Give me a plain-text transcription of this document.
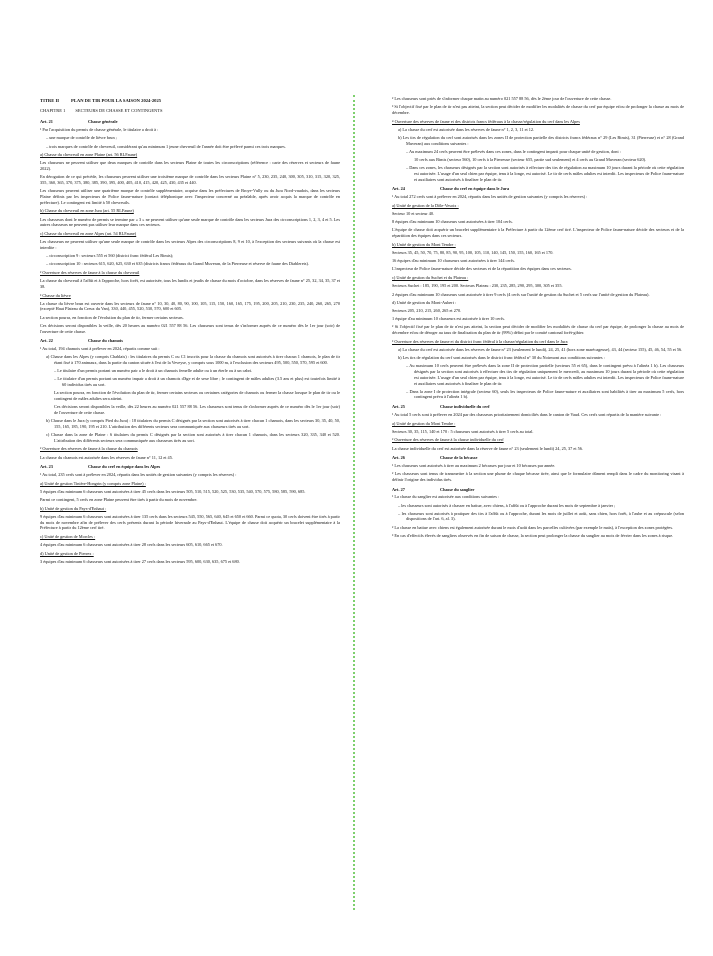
TITRE II	PLAN DE TIR POUR LA SAISON 2024-2025
CHAPITRE 1 SECTEURS DE CHASSE ET CONTINGENTS
Art. 21	Chasse générale

¹ Par l'acquisition du permis de chasse générale, le titulaire a droit à :

– une marque de contrôle de lièvre brun ;

– trois marques de contrôle de chevreuil, considérant qu'au minimum 1 jeune chevreuil de l'année doit être prélevé parmi ces trois marques.

a) Chasse du chevreuil en zone Plaine (art. 56 RLFaune)

Les chasseurs ne peuvent utiliser que deux marques de contrôle dans les secteurs Plaine de toutes les circonscriptions (référence : carte des réserves et secteurs de faune 2022).

En dérogation de ce qui précède, les chasseurs peuvent utiliser une troisième marque de contrôle dans les secteurs Plaine n° 5, 230, 235, 240, 300, 305, 310, 315, 320, 325, 355, 360, 365, 370, 375, 380, 385, 390, 395, 400, 405, 410, 415, 420, 425, 430, 435 et 440.

Les chasseurs peuvent utiliser une quatrième marque de contrôle supplémentaire, acquise dans les préfectures de Broye-Vully ou du Jura Nord-vaudois, dans les secteurs Plaine définis par les inspecteurs de Police faune-nature (contact téléphonique avec l'inspecteur concerné au préalable, après avoir acquis la marque de contrôle en préfecture). Le contingent est limité à 50 chevreuils.

b) Chasse du chevreuil en zone Jura (art. 55 RLFaune)

Les chasseurs dont le numéro de permis se termine par « 3 » ne peuvent utiliser qu'une seule marque de contrôle dans les secteurs Jura des circonscriptions 1, 2, 3, 4 et 5. Les autres chasseurs ne peuvent pas utiliser leur marque dans ces secteurs.

c) Chasse du chevreuil en zone Alpes (art. 54 RLFaune)

Les chasseurs ne peuvent utiliser qu'une seule marque de contrôle dans les secteurs Alpes des circonscriptions 8, 9 et 10, à l'exception des secteurs suivants où la chasse est interdite :

– circonscription 9 : secteurs 555 et 560 (district franc fédéral Les Bimis);

– circonscription 10 : secteurs 615, 620, 625, 630 et 635 (districts francs fédéraux du Grand Muveran, de la Pierreuse et réserve de faune des Diablerets).

² Ouverture des réserves de faune à la chasse du chevreuil

La chasse du chevreuil à l'affût et à l'approche, hors forêt, est autorisée, tous les lundis et jeudis de chasse du mois d'octobre, dans les réserves de faune n° 25, 32, 34, 35, 37 et 38.

³ Chasse du lièvre

La chasse du lièvre brun est ouverte dans les secteurs de faune n° 10, 30, 40, 80, 90, 100, 105, 115, 150, 160, 165, 175, 195, 200, 205, 210, 230, 235, 240, 260, 265, 270 (excepté Haut Plateau du Creux du Van), 330, 440, 455, 520, 530, 570, 600 et 605.

La section pourra, en fonction de l'évolution du plan de tir, fermer certains secteurs.

Ces décisions seront disponibles la veille, dès 20 heures au numéro 021 557 88 56. Les chasseurs sont tenus de s'informer auprès de ce numéro dès le 1er jour (soir) de l'ouverture de cette chasse.

Art. 22	Chasse du chamois

¹ Au total, 194 chamois sont à prélever en 2024, répartis comme suit :

a) Chasse dans les Alpes (y compris Chablais) : les titulaires du permis C ou C1 inscrits pour la chasse du chamois sont autorisés à tirer chacun 1 chamois, le plan de tir étant fixé à 170 animaux, dans la partie du canton située à l'est de la Veveyse, y compris sous 1000 m, à l'exclusion des secteurs 495, 500, 550, 570, 595 et 600.

– Le titulaire d'un permis portant un numéro pair a le droit à un chamois femelle adulte ou à un éterle ou à un cabri.

– Le titulaire d'un permis portant un numéro impair a droit à un chamois d'âge et de sexe libre ; le contingent de mâles adultes (3.5 ans et plus) est toutefois limité à 60 individus tirés au sort.

La section pourra, en fonction de l'évolution du plan de tir, fermer certains secteurs ou certaines catégories de chamois ou fermer la chasse lorsque le plan de tir ou le contingent de mâles adultes sera atteint.

Ces décisions seront disponibles la veille, dès 22 heures au numéro 021 557 88 56. Les chasseurs sont tenus de s'informer auprès de ce numéro dès le 1er jour (soir) de l'ouverture de cette chasse.

b) Chasse dans le Jura (y compris Pied du Jura) : 18 titulaires du permis C désignés par la section sont autorisés à tirer chacun 1 chamois, dans les secteurs 30, 35, 40, 50, 155, 165, 185, 190, 195 et 210. L'attribution des différents secteurs sera communiquée aux chasseurs tirés au sort.

c) Chasse dans la zone de Plaine : 6 titulaires du permis C désignés par la section sont autorisés à tirer chacun 1 chamois, dans les secteurs 320, 335, 340 et 520. L'attribution des différents secteurs sera communiquée aux chasseurs tirés au sort.

² Ouverture des réserves de faune à la chasse du chamois

La chasse du chamois est autorisée dans les réserves de faune n° 11, 12 et 45.

Art. 23	Chasse du cerf en équipe dans les Alpes

¹ Au total, 235 cerfs sont à prélever en 2024, répartis dans les unités de gestion suivantes (y compris les réserves) :

a) Unité de gestion Tinière-Hongrin (y compris zone Plaine) :

5 équipes d'au minimum 6 chasseurs sont autorisées à tirer 45 cerfs dans les secteurs 505, 510, 515, 520, 525, 530, 535, 540, 570, 575, 580, 585, 590, 685.

Parmi ce contingent, 5 cerfs en zone Plaine peuvent être tirés à partir du mois de novembre.

b) Unité de gestion du Pays-d'Enhaut :

9 équipes d'au minimum 6 chasseurs sont autorisées à tirer 135 cerfs dans les secteurs 545, 550, 565, 640, 645 et 650 et 660. Parmi ce quota, 30 cerfs doivent être tirés à partir du mois de novembre afin de prélever des cerfs présents durant la période hivernale au Pays-d'Enhaut. L'équipe de chasse doit acquérir un bracelet supplémentaire à la Préfecture à partir du 12ème cerf tiré.

c) Unité de gestion de Morcles :

4 équipes d'au minimum 6 chasseurs sont autorisées à tirer 28 cerfs dans les secteurs 605, 610, 665 et 670.

d) Unité de gestion de Pierrex :

3 équipes d'au minimum 6 chasseurs sont autorisées à tirer 27 cerfs dans les secteurs 595, 600, 630, 635, 675 et 680.

² Les chasseurs sont priés de s'informer chaque matin au numéro 021 557 88 56, dès le 2ème jour de l'ouverture de cette chasse.

³ Si l'objectif fixé par le plan de tir n'est pas atteint, la section peut décider de modifier les modalités de chasse du cerf par équipe et/ou de prolonger la chasse au mois de décembre.

⁴ Ouverture des réserves de faune et des districts francs fédéraux à la chasse/régulation du cerf dans les Alpes

a) La chasse du cerf est autorisée dans les réserves de faune n° 1, 2, 3, 11 et 12.

b) Les tirs de régulation du cerf sont autorisés dans les zones II de protection partielle des districts francs fédéraux n° 29 (Les Bimis), 31 (Pierreuse) et n° 28 (Grand Muveran) aux conditions suivantes :

– Au maximum 24 cerfs peuvent être prélevés dans ces zones, dans le contingent imparti pour chaque unité de gestion, dont :

10 cerfs aux Bimis (secteur 560), 10 cerfs à la Pierreuse (secteur 655, partie sud seulement) et 4 cerfs au Grand Muveran (secteur 620).

– Dans ces zones, les chasseurs désignés par la section sont autorisés à effectuer des tirs de régulation au maximum 10 jours durant la période où cette régulation est autorisée. L'usage d'un seul chien par équipe, tenu à la longe, est autorisé. Le tir de cerfs mâles adultes est interdit. Les inspecteurs de Police faune-nature et auxiliaires sont autorisés à finaliser le plan de tir.

Art. 24	Chasse du cerf en équipe dans le Jura

¹ Au total 272 cerfs sont à prélever en 2024, répartis dans les unités de gestion suivantes (y compris les réserves) :

a) Unité de gestion de la Dôle-Vesoix :

Secteur 10 et secteur 40.

8 équipes d'au minimum 10 chasseurs sont autorisées à tirer 104 cerfs.

L'équipe de chasse doit acquérir un bracelet supplémentaire à la Préfecture à partir du 12ème cerf tiré. L'inspecteur de Police faune-nature décide des secteurs et de la répartition des équipes dans ces secteurs.

b) Unité de gestion du Mont Tendre :

Secteurs 35, 45, 50, 70, 75, 80, 85, 90, 95, 100, 105, 110, 140, 145, 150, 155, 160, 165 et 170.

16 équipes d'au minimum 10 chasseurs sont autorisées à tirer 144 cerfs.

L'inspecteur de Police faune-nature décide des secteurs et de la répartition des équipes dans ces secteurs.

c) Unité de gestion du Suchet et du Plateau :

Secteurs Suchet : 185, 190, 195 et 200. Secteurs Plateau : 230, 235, 285, 290, 295, 300, 305 et 355.

2 équipes d'au minimum 10 chasseurs sont autorisée à tirer 9 cerfs (4 cerfs sur l'unité de gestion du Suchet et 5 cerfs sur l'unité de gestion du Plateau).

d) Unité de gestion du Mont-Aubert :

Secteurs 205, 210, 215, 260, 265 et 270.

1 équipe d'au minimum 10 chasseurs est autorisée à tirer 10 cerfs.

² Si l'objectif fixé par le plan de tir n'est pas atteint, la section peut décider de modifier les modalités de chasse du cerf par équipe, de prolonger la chasse au mois de décembre et/ou de déroger au taux de finalisation du plan de tir (99%) défini par le comité cantonal forêt-gibier.

³ Ouverture des réserves de faune et du district franc fédéral à la chasse/régulation du cerf dans le Jura

a) La chasse du cerf est autorisée dans les réserves de faune n° 23 (seulement le lundi), 24, 25, 41 (hors zone marécageuse), 43, 44 (secteur 155), 45, 46, 54, 55 et 56.

b) Les tirs de régulation du cerf sont autorisés dans le district franc fédéral n° 30 du Noirmont aux conditions suivantes :

– Au maximum 10 cerfs peuvent être prélevés dans la zone II de protection partielle (secteurs 55 et 65), dans le contingent prévu à l'alinéa 1 b). Les chasseurs désignés par la section sont autorisés à effectuer des tirs de régulation uniquement le mercredi, au maximum 10 jours durant la période où cette régulation est autorisée. L'usage d'un seul chien par équipe, tenu à la longe, est autorisé. Le tir de cerfs mâles adultes est interdit. Les inspecteurs de Police faune-nature et auxiliaires sont autorisés à finaliser le plan de tir.

– Dans la zone I de protection intégrale (secteur 60), seuls les inspecteurs de Police faune-nature et auxiliaires sont habilités à tirer au maximum 5 cerfs, hors contingent prévu à l'alinéa 1 b).

Art. 25	Chasse individuelle du cerf

¹ Au total 5 cerfs sont à prélever en 2024 par des chasseurs prioritairement domiciliés dans le canton de Vaud. Ces cerfs sont répartis de la manière suivante :

a) Unité de gestion du Mont Tendre :

Secteurs 30, 35, 115, 140 et 170 : 5 chasseurs sont autorisés à tirer 5 cerfs au total.

² Ouverture des réserves de faune à la chasse individuelle du cerf

La chasse individuelle du cerf est autorisée dans la réserve de faune n° 23 (seulement le lundi) 24, 25, 37 et 56.

Art. 26	Chasse de la bécasse

¹ Les chasseurs sont autorisés à tirer au maximum 2 bécasses par jour et 10 bécasses par année.

² Les chasseurs sont tenus de transmettre à la section une plume de chaque bécasse tirée, ainsi que le formulaire dûment rempli dans le cadre du monitoring visant à définir l'origine des individus tirés.

Art. 27	Chasse du sanglier

¹ La chasse du sanglier est autorisée aux conditions suivantes :

– les chasseurs sont autorisés à chasser en battue, avec chiens, à l'affût ou à l'approche durant les mois de septembre à janvier ;

– les chasseurs sont autorisés à pratiquer des tirs à l'affût ou à l'approche, durant les mois de juillet et août, sans chien, hors forêt, à l'aube et au crépuscule (selon dispositions de l'art. 6, al. 3).

² La chasse en battue avec chiens est également autorisée durant le mois d'août dans les parcelles cultivées (par exemple le maïs), à l'exception des zones protégées.

³ En cas d'effectifs élevés de sangliers observés en fin de saison de chasse, la section peut prolonger la chasse du sanglier au mois de février dans les zones à risque.
